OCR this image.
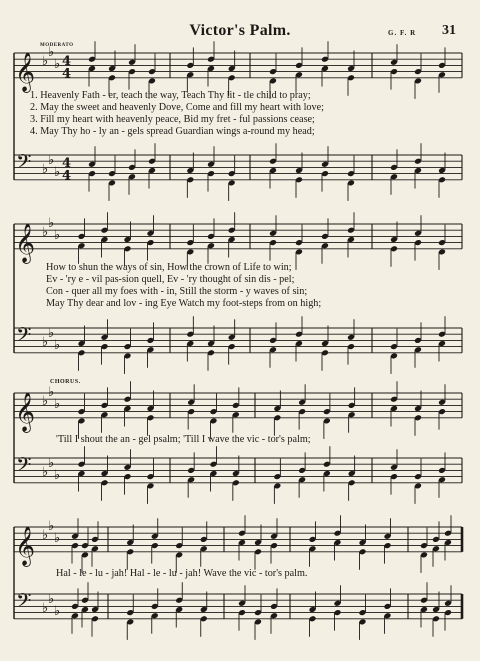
Victor's Palm.	G. F. R 31
MODERATO
CHORUS.
𝄞 ♭
♭
♭ 4
4
𝄢 ♭
♭
♭
4
4
𝄞 ♭
♭
♭
𝄢 ♭
♭
♭
𝄞 ♭
♭
♭
𝄢 ♭
♭
♭
𝄞 ♭
♭
♭
𝄢 ♭
♭
♭
1. Heavenly Fath - er, teach the way, Teach Thy lit - tle child to pray;
2. May the sweet and heavenly Dove, Come and fill my heart with love;
3. Fill my heart with heavenly peace, Bid my fret - ful passions cease;
4. May Thy ho - ly an - gels spread Guardian wings a-round my head;
How to shun the ways of sin, How the crown of Life to win;
Ev - 'ry e - vil pas-sion quell, Ev - 'ry thought of sin dis - pel;
Con - quer all my foes with - in, Still the storm - y waves of sin;
May Thy dear and lov - ing Eye Watch my foot-steps from on high;
'Till I shout the an - gel psalm; 'Till I wave the vic - tor's palm;
Hal - le - lu - jah! Hal - le - lu - jah! Wave the vic - tor's palm.
